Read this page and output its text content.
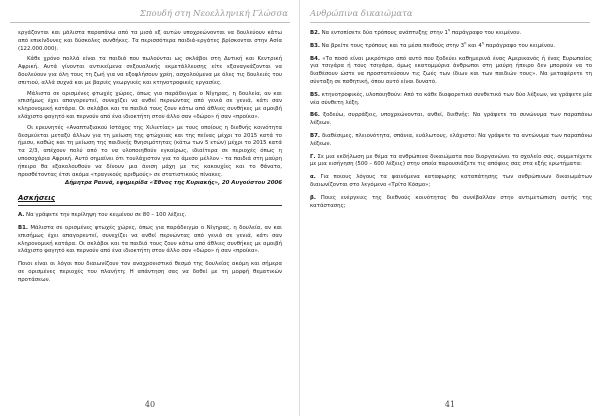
Σπουδή στη Νεοελληνική Γλώσσα

εργάζονται και μάλιστα παραπάνω από τα μισά εξ αυτών υποχρεώνονται να δουλεύουν κάτω από επικίνδυνες και δύσκολες συνθήκες. Τα περισσότερα παιδιά-εργάτες βρίσκονται στην Ασία (122.000.000).

Κάθε χρόνο πολλά είναι τα παιδιά που πωλούνται ως σκλάβοι στη Δυτική και Κεντρική Αφρική. Αυτά γίνονται αντικείμενα σεξουαλικής εκμετάλλευσης είτε εξαναγκάζονται να δουλεύουν για όλη τους τη ζωή για να εξοφλήσουν χρέη, ασχολούμενα με όλες τις δουλειές του σπιτιού, αλλά συχνά και με βαριές γεωργικές και κτηνοτροφικές εργασίες.

Μάλιστα σε ορισμένες φτωχές χώρες, όπως για παράδειγμα ο Νίγηρας, η δουλεία, αν και επισήμως έχει απαγορευτεί, συνεχίζει να ανθεί περνώντας από γενιά σε γενιά, κάτι σαν κληρονομική κατάρα. Οι σκλάβοι και τα παιδιά τους ζουν κάτω από άθλιες συνθήκες με αμοιβή ελάχιστο φαγητό και περνούν από ένα ιδιοκτήτη στον άλλο σαν «δώρο» ή σαν «προίκα».

Οι ερευνητές «Αναπτυξιακού Ιστόχος της Χιλιετίας» με τους οποίους η διεθνής κοινότητα δεσμεύεται μεταξύ άλλων για τη μείωση της φτώχειας και της πείνας μέχρι το 2015 κατά το ήμισυ, καθώς και τη μείωση της παιδικής θνησιμότητας (κάτω των 5 ετών) μέχρι το 2015 κατά τα 2/3, απέχουν πολύ από το να υλοποιηθούν εγκαίρως, ιδιαίτερα σε περιοχές όπως η υποσαχάρια Αφρική. Αυτό σημαίνει ότι τουλάχιστον για το άμεσο μέλλον - τα παιδιά στη μαύρη ήπειρο θα εξακολουθούν να δίνουν μια άνιση μάχη με τις κακουχίες και το θάνατο, προσθέτοντας έτσι ακόμα «τραγικούς αριθμούς» σε στατιστικούς πίνακες.

Δήμητρα Ραυνά, εφημερίδα «Έθνος της Κυριακής», 20 Αυγούστου 2006
Ασκήσεις

A. Να γράψετε την περίληψη του κειμένου σε 80 – 100 λέξεις.

B1. Μάλιστα σε ορισμένες φτωχές χώρες, όπως για παράδειγμα ο Νίγηρας, η δουλεία, αν και επισήμως έχει απαγορευτεί, συνεχίζει να ανθεί περνώντας από γενιά σε γενιά, κάτι σαν κληρονομική κατάρα. Οι σκλάβοι και τα παιδιά τους ζουν κάτω από άθλιες συνθήκες με αμοιβή ελάχιστο φαγητό και περνούν από ένα ιδιοκτήτη στον άλλο σαν «δώρο» ή σαν «προίκα».

Ποιοι είναι οι λόγοι που διαιωνίζουν τον αναχρονιστικό θεσμό της δουλείας ακόμη και σήμερα σε ορισμένες περιοχές του πλανήτη; Η απάντηση σας να δοθεί με τη μορφή θεματικών προτάσεων.

40
Ανθρώπινα δικαιώματα

B2. Να εντοπίσετε δύο τρόπους ανάπτυξης στην $1^\eta$ παράγραφο του κειμένου.

B3. Να βρείτε τους τρόπους και τα μέσα πειθούς στην $3^\eta$ και $4^\eta$ παράγραφο του κειμένου.

B4. «Το ποσό είναι μικρότερο από αυτό που ξοδεύει καθημερινά ένας Αμερικανός ή ένας Ευρωπαίος για τσιγάρα ή τους τσιγάρα, όμως εκατομμύρια άνθρωποι στη μαύρη ήπειρο δεν μπορούν να το διαθέσουν ώστε να προστατεύσουν τις ζωές των ίδιων και των παιδιών τους». Να μεταφέρετε τη σύνταξη σε παθητική, όπου αυτό είναι δυνατό.

B5. κτηνοτροφικές, υλοποιηθούν: Από το κάθε διαφορετικό συνθετικό των δύο λέξεων, να γράψετε μία νέα σύνθετη λέξη.

B6. ξοδεύω, συρράξεις, υποχρεώνονται, ανθεί, διεθνής: Να γράψετε τα συνώνυμα των παραπάνω λέξεων.

B7. διαθέσιμες, πλειονότητα, σπάνια, ευάλωτους, ελάχιστο: Να γράψετε τα αντώνυμα των παραπάνω λέξεων.

Γ. Σε μια εκδήλωση με θέμα τα ανθρώπινα δικαιώματα που διοργανώνει το σχολείο σας, συμμετέχετε με μια εισήγηση (500 – 600 λέξεις) στην οποία παρουσιάζετε τις απόψεις σας στα εξής ερωτήματα:

α. Για ποιους λόγους τα φαινόμενα καταφωρης καταπάτησης των ανθρώπινων δικαιωμάτων διαιωνίζονται στο λεγόμενο «Τρίτο Κόσμο»;

β. Ποιες ενέργειες της διεθνούς κοινότητας θα συνέβαλλαν στην αντιμετώπιση αυτής της κατάστασης;

41
